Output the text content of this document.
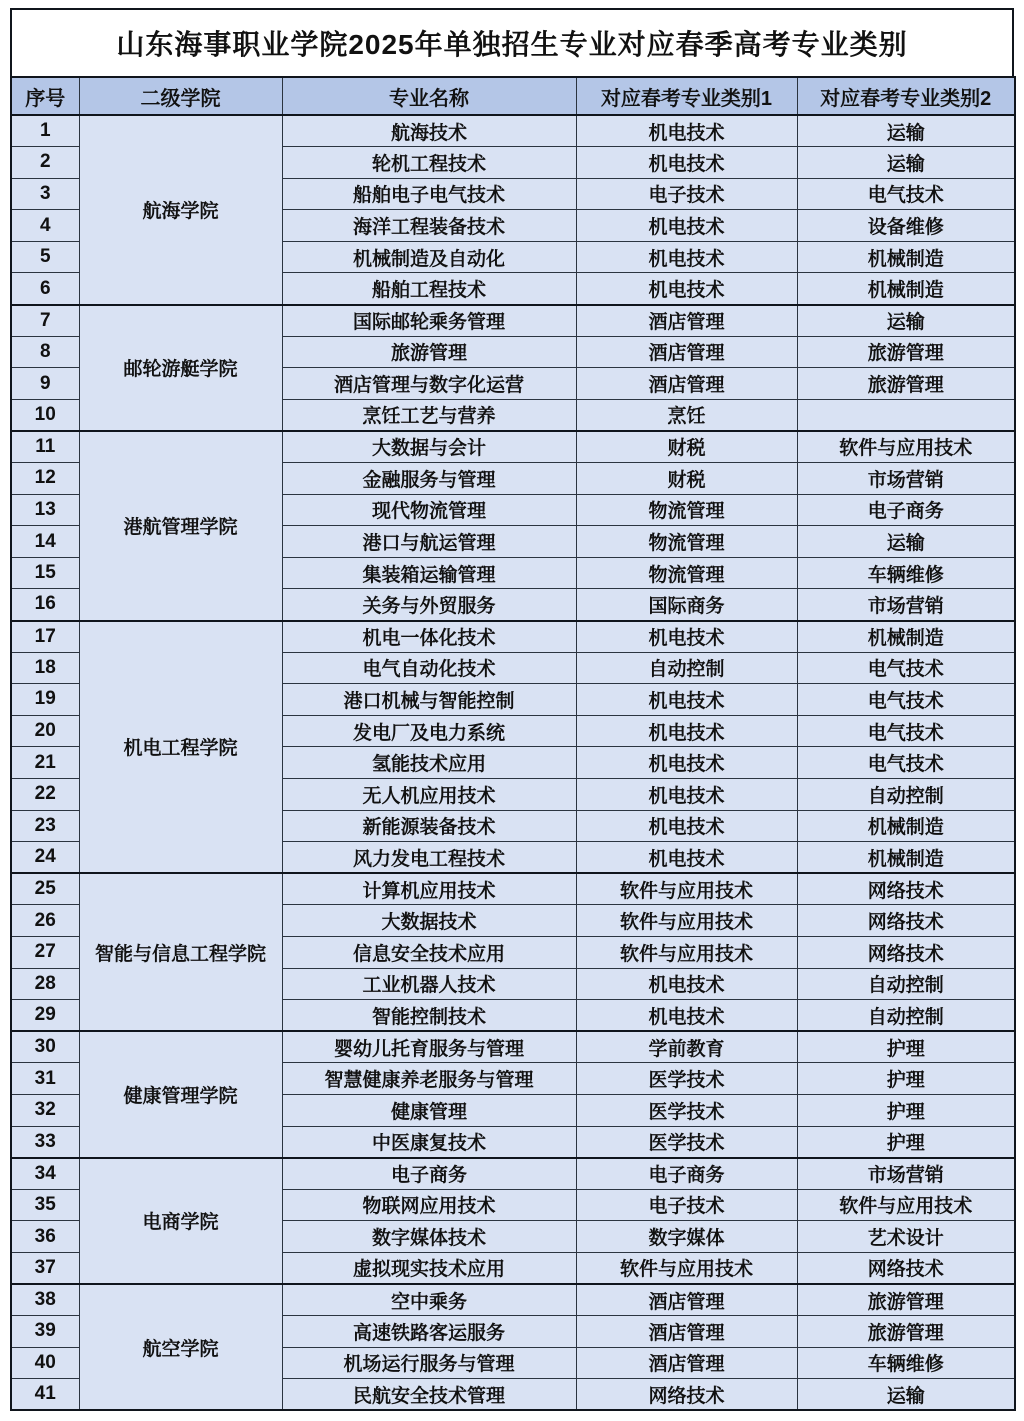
山东海事职业学院2025年单独招生专业对应春季高考专业类别
序号	二级学院	专业名称	对应春考专业类别1	对应春考专业类别2
1	航海学院	航海技术	机电技术	运输
2		轮机工程技术	机电技术	运输
3		船舶电子电气技术	电子技术	电气技术
4		海洋工程装备技术	机电技术	设备维修
5		机械制造及自动化	机电技术	机械制造
6		船舶工程技术	机电技术	机械制造
7	邮轮游艇学院	国际邮轮乘务管理	酒店管理	运输
8		旅游管理	酒店管理	旅游管理
9		酒店管理与数字化运营	酒店管理	旅游管理
10		烹饪工艺与营养	烹饪	
11	港航管理学院	大数据与会计	财税	软件与应用技术
12		金融服务与管理	财税	市场营销
13		现代物流管理	物流管理	电子商务
14		港口与航运管理	物流管理	运输
15		集装箱运输管理	物流管理	车辆维修
16		关务与外贸服务	国际商务	市场营销
17	机电工程学院	机电一体化技术	机电技术	机械制造
18		电气自动化技术	自动控制	电气技术
19		港口机械与智能控制	机电技术	电气技术
20		发电厂及电力系统	机电技术	电气技术
21		氢能技术应用	机电技术	电气技术
22		无人机应用技术	机电技术	自动控制
23		新能源装备技术	机电技术	机械制造
24		风力发电工程技术	机电技术	机械制造
25	智能与信息工程学院	计算机应用技术	软件与应用技术	网络技术
26		大数据技术	软件与应用技术	网络技术
27		信息安全技术应用	软件与应用技术	网络技术
28		工业机器人技术	机电技术	自动控制
29		智能控制技术	机电技术	自动控制
30	健康管理学院	婴幼儿托育服务与管理	学前教育	护理
31		智慧健康养老服务与管理	医学技术	护理
32		健康管理	医学技术	护理
33		中医康复技术	医学技术	护理
34	电商学院	电子商务	电子商务	市场营销
35		物联网应用技术	电子技术	软件与应用技术
36		数字媒体技术	数字媒体	艺术设计
37		虚拟现实技术应用	软件与应用技术	网络技术
38	航空学院	空中乘务	酒店管理	旅游管理
39		高速铁路客运服务	酒店管理	旅游管理
40		机场运行服务与管理	酒店管理	车辆维修
41		民航安全技术管理	网络技术	运输
